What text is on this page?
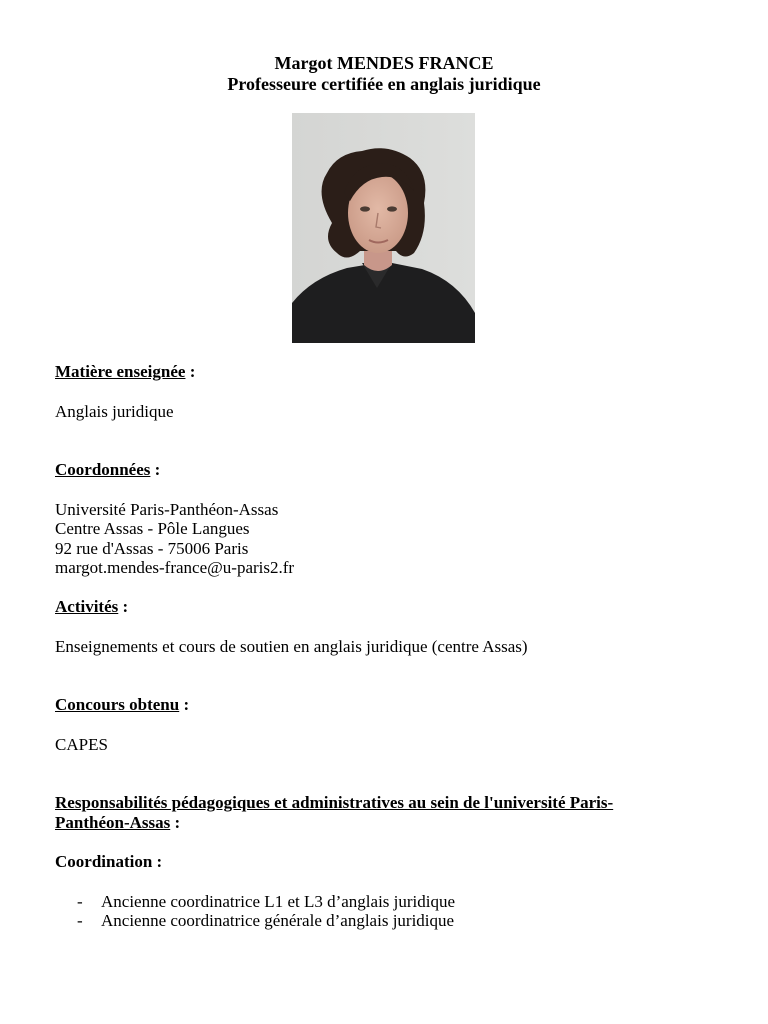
Margot MENDES FRANCE
Professeure certifiée en anglais juridique
Matière enseignée :
Anglais juridique
Coordonnées :
Université Paris-Panthéon-Assas
Centre Assas - Pôle Langues
92 rue d'Assas - 75006 Paris
margot.mendes-france@u-paris2.fr
Activités :
Enseignements et cours de soutien en anglais juridique (centre Assas)
Concours obtenu :
CAPES
Responsabilités pédagogiques et administratives au sein de l'université Paris-
Panthéon-Assas :
Coordination :
- Ancienne coordinatrice L1 et L3 d’anglais juridique
- Ancienne coordinatrice générale d’anglais juridique
